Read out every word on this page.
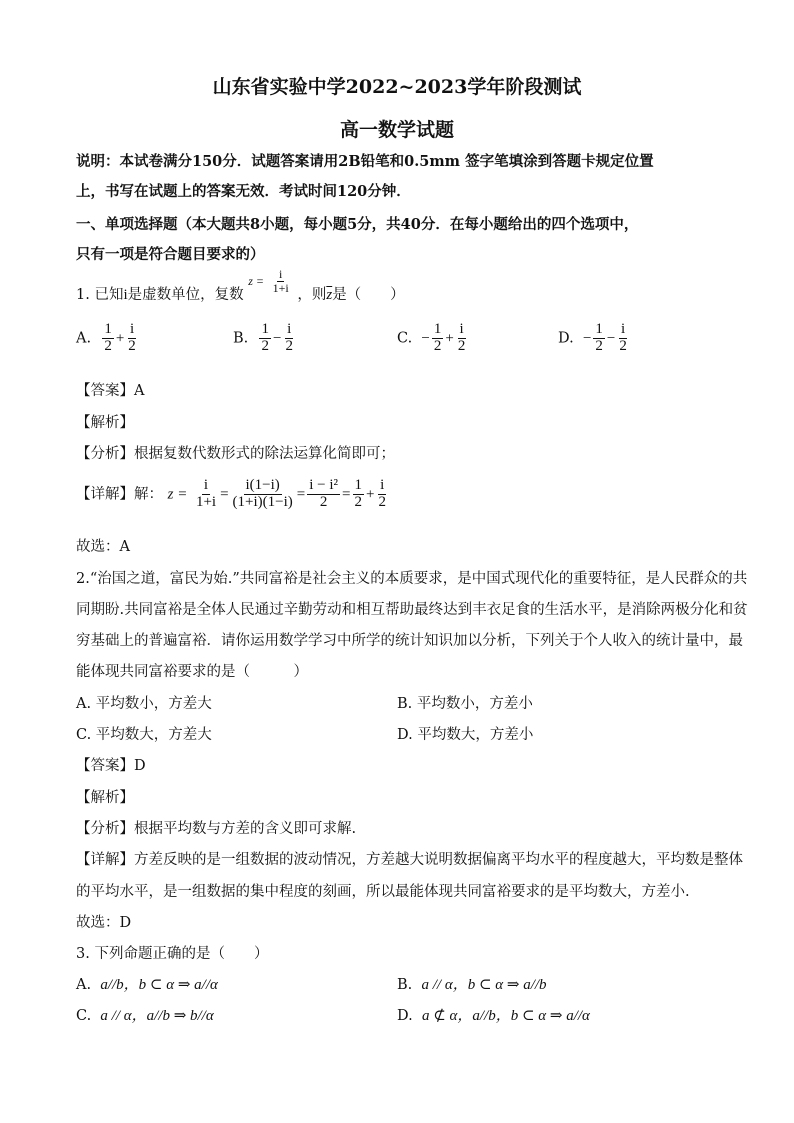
山东省实验中学2022~2023学年阶段测试
高一数学试题
说明：本试卷满分150分．试题答案请用2B铅笔和0.5mm 签字笔填涂到答题卡规定位置
上，书写在试题上的答案无效．考试时间120分钟．
一、单项选择题（本大题共8小题，每小题5分，共40分．在每小题给出的四个选项中，
只有一项是符合题目要求的）
1. 已知i是虚数单位，复数 $z = \frac{i}{1+i}$
，则$\overline{z}$是（　　）
A. $\frac{1}{2} + \frac{i}{2}$	B. $\frac{1}{2} - \frac{i}{2}$	C. − $\frac{1}{2} + \frac{i}{2}$	D. − $\frac{1}{2} - \frac{i}{2}$
【答案】A
【解析】
【分析】根据复数代数形式的除法运算化简即可；
【详解】解： $z = \frac{i}{1+i} = \frac{i(1-i)}{(1+i)(1-i)} = \frac{\text{i − i²}}{2} = \frac{1}{2} + \frac{i}{2}$
故选：A
2.“治国之道，富民为始.”共同富裕是社会主义的本质要求，是中国式现代化的重要特征，是人民群众的共
同期盼.共同富裕是全体人民通过辛勤劳动和相互帮助最终达到丰衣足食的生活水平，是消除两极分化和贫
穷基础上的普遍富裕．请你运用数学学习中所学的统计知识加以分析，下列关于个人收入的统计量中，最
能体现共同富裕要求的是（　　　）
A. 平均数小，方差大	B. 平均数小，方差小
C. 平均数大，方差大	D. 平均数大，方差小
【答案】D
【解析】
【分析】根据平均数与方差的含义即可求解.
【详解】方差反映的是一组数据的波动情况，方差越大说明数据偏离平均水平的程度越大，平均数是整体
的平均水平，是一组数据的集中程度的刻画，所以最能体现共同富裕要求的是平均数大，方差小.
故选：D
3. 下列命题正确的是（　　）
A. a//b，b ⊂ α ⇒ a//α	B. a // α，b ⊂ α ⇒ a//b
C. a // α，a//b ⇒ b//α	D. a ⊄ α，a//b，b ⊂ α ⇒ a//α
